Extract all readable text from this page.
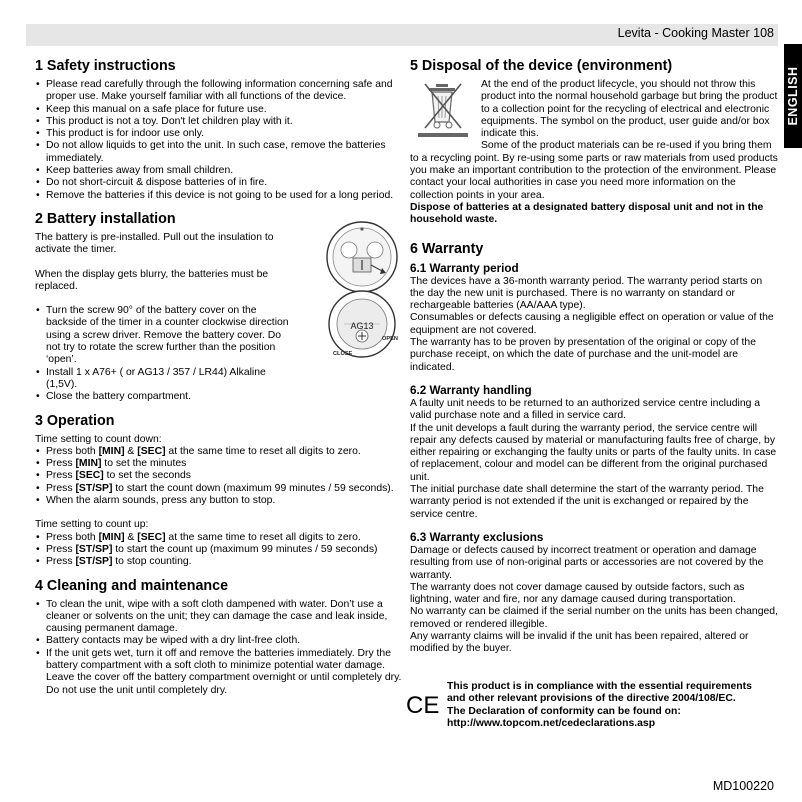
Levita - Cooking Master 108
ENGLISH
1 Safety instructions
• Please read carefully through the following information concerning safe and proper use. Make yourself familiar with all functions of the device.
• Keep this manual on a safe place for future use.
• This product is not a toy. Don't let children play with it.
• This product is for indoor use only.
• Do not allow liquids to get into the unit. In such case, remove the batteries immediately.
• Keep batteries away from small children.
• Do not short-circuit & dispose batteries of in fire.
• Remove the batteries if this device is not going to be used for a long period.
2 Battery installation

The battery is pre-installed. Pull out the insulation to activate the timer.

When the display gets blurry, the batteries must be replaced.

• Turn the screw 90° of the battery cover on the backside of the timer in a counter clockwise direction using a screw driver. Remove the battery cover. Do not try to rotate the screw further than the position ‘open’.
• Install 1 x A76+ ( or AG13 / 357 / LR44) Alkaline (1,5V).
• Close the battery compartment.
3 Operation

Time setting to count down:

• Press both [MIN] & [SEC] at the same time to reset all digits to zero.
• Press [MIN] to set the minutes
• Press [SEC] to set the seconds
• Press [ST/SP] to start the count down (maximum 99 minutes / 59 seconds).
• When the alarm sounds, press any button to stop.

Time setting to count up:

• Press both [MIN] & [SEC] at the same time to reset all digits to zero.
• Press [ST/SP] to start the count up (maximum 99 minutes / 59 seconds)
• Press [ST/SP] to stop counting.
4 Cleaning and maintenance
• To clean the unit, wipe with a soft cloth dampened with water. Don’t use a cleaner or solvents on the unit; they can damage the case and leak inside, causing permanent damage.
• Battery contacts may be wiped with a dry lint-free cloth.
• If the unit gets wet, turn it off and remove the batteries immediately. Dry the battery compartment with a soft cloth to minimize potential water damage. Leave the cover off the battery compartment overnight or until completely dry. Do not use the unit until completely dry.
AG13
CLOSE
OPEN
5 Disposal of the device (environment)

At the end of the product lifecycle, you should not throw this product into the normal household garbage but bring the product to a collection point for the recycling of electrical and electronic equipments. The symbol on the product, user guide and/or box indicate this.

Some of the product materials can be re-used if you bring them

to a recycling point. By re-using some parts or raw materials from used products you make an important contribution to the protection of the environment. Please contact your local authorities in case you need more information on the collection points in your area.

Dispose of batteries at a designated battery disposal unit and not in the household waste.

6 Warranty
6.1 Warranty period

The devices have a 36-month warranty period. The warranty period starts on the day the new unit is purchased. There is no warranty on standard or rechargeable batteries (AA/AAA type).

Consumables or defects causing a negligible effect on operation or value of the equipment are not covered.

The warranty has to be proven by presentation of the original or copy of the purchase receipt, on which the date of purchase and the unit-model are indicated.

6.2 Warranty handling

A faulty unit needs to be returned to an authorized service centre including a valid purchase note and a filled in service card.

If the unit develops a fault during the warranty period, the service centre will repair any defects caused by material or manufacturing faults free of charge, by either repairing or exchanging the faulty units or parts of the faulty units. In case of replacement, colour and model can be different from the original purchased unit.

The initial purchase date shall determine the start of the warranty period. The warranty period is not extended if the unit is exchanged or repaired by the service centre.

6.3 Warranty exclusions

Damage or defects caused by incorrect treatment or operation and damage resulting from use of non-original parts or accessories are not covered by the warranty.

The warranty does not cover damage caused by outside factors, such as lightning, water and fire, nor any damage caused during transportation.

No warranty can be claimed if the serial number on the units has been changed, removed or rendered illegible.

Any warranty claims will be invalid if the unit has been repaired, altered or modified by the buyer.

CE
This product is in compliance with the essential requirements
and other relevant provisions of the directive 2004/108/EC.
The Declaration of conformity can be found on:
http://www.topcom.net/cedeclarations.asp
MD100220
